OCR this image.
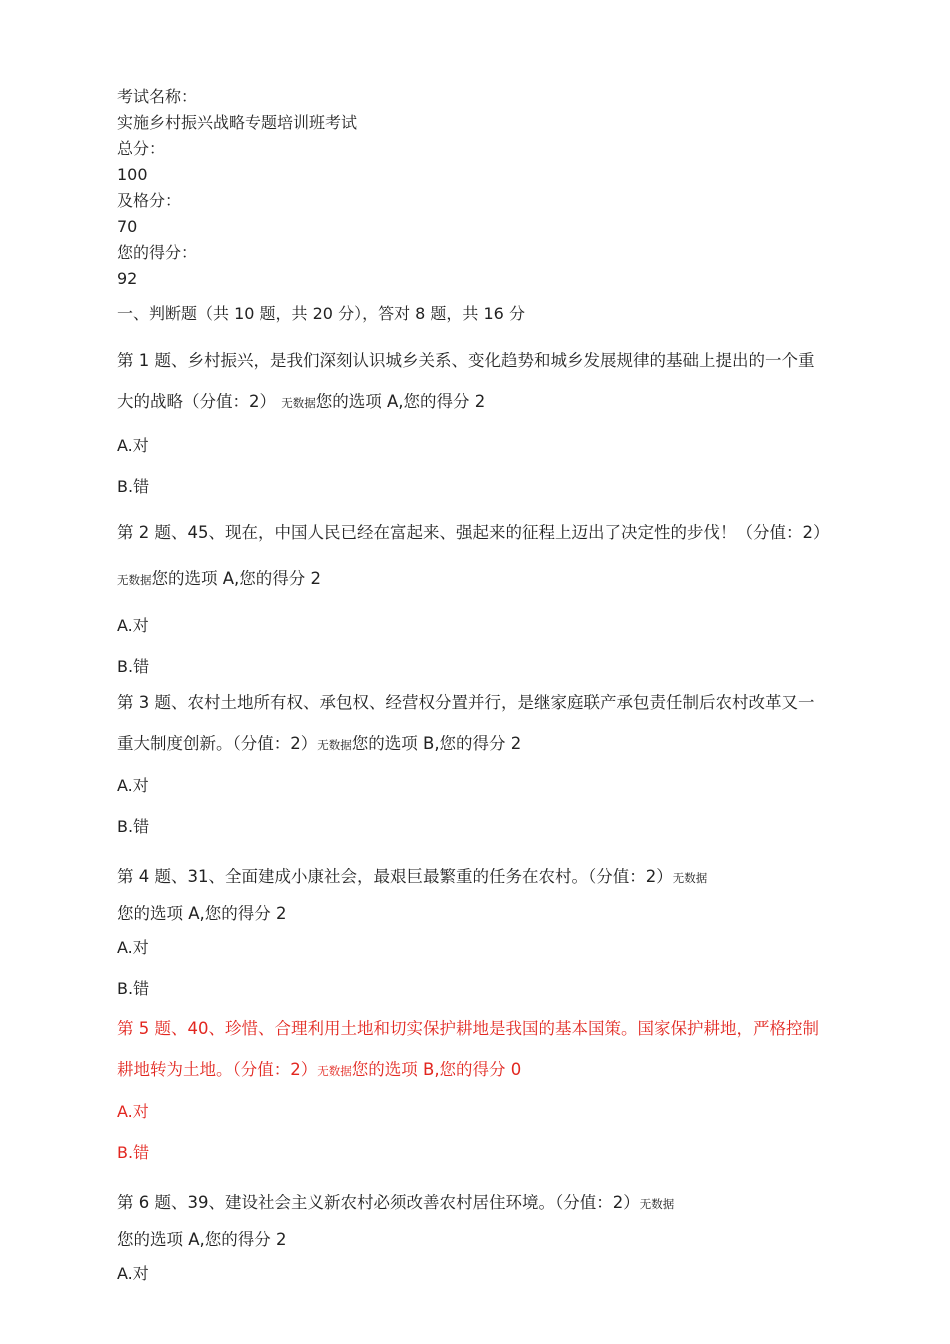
考试名称：

实施乡村振兴战略专题培训班考试

总分：

100

及格分：

70

您的得分：

92

一、判断题（共 10 题，共 20 分），答对 8 题，共 16 分

第 1 题、乡村振兴，是我们深刻认识城乡关系、变化趋势和城乡发展规律的基础上提出的一个重大的战略（分值：2） 无数据您的选项 A,您的得分 2

A.对

B.错

第 2 题、45、现在，中国人民已经在富起来、强起来的征程上迈出了决定性的步伐！（分值：2）无数据您的选项 A,您的得分 2

A.对

B.错

第 3 题、农村土地所有权、承包权、经营权分置并行，是继家庭联产承包责任制后农村改革又一重大制度创新。（分值：2）无数据您的选项 B,您的得分 2

A.对

B.错

第 4 题、31、全面建成小康社会，最艰巨最繁重的任务在农村。（分值：2）无数据
您的选项 A,您的得分 2

A.对

B.错

第 5 题、40、珍惜、合理利用土地和切实保护耕地是我国的基本国策。国家保护耕地，严格控制耕地转为土地。（分值：2）无数据您的选项 B,您的得分 0

A.对

B.错

第 6 题、39、建设社会主义新农村必须改善农村居住环境。（分值：2）无数据
您的选项 A,您的得分 2

A.对
